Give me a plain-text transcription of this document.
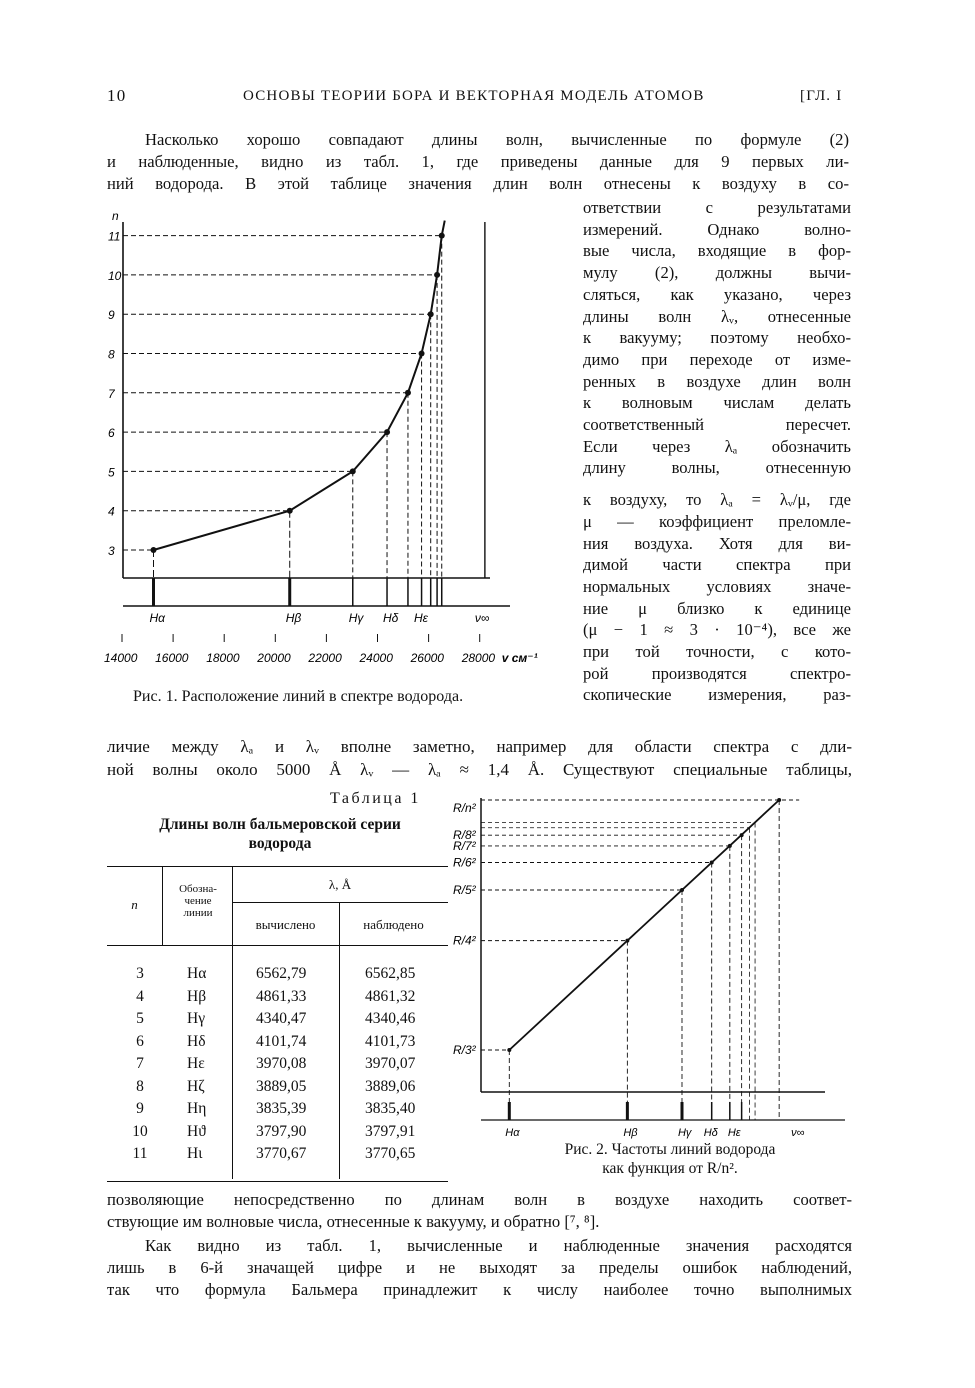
10	ОСНОВЫ ТЕОРИИ БОРА И ВЕКТОРНАЯ МОДЕЛЬ АТОМОВ	[ГЛ. I
Насколько хорошо совпадают длины волн, вычисленные по формуле (2)
и наблюденные, видно из табл. 1, где приведены данные для 9 первых ли-
ний водорода. В этой таблице значения длин волн отнесены к воздуху в со-
n
3
4
5
6
7
8
9
10
11
Hα	Hβ	Hγ Hδ Hε	ν∞
14000 16000 18000 20000 22000 24000 26000 28000 v см⁻¹
Рис. 1. Расположение линий в спектре водорода.
ответствии с результатами
измерений. Однако волно-
вые числа, входящие в фор-
мулу (2), должны вычи-
сляться, как указано, через
длины волн λᵥ, отнесенные
к вакууму; поэтому необхо-
димо при переходе от изме-
ренных в воздухе длин волн
к волновым числам делать
соответственный пересчет.
Если через λₐ обозначить
длину волны, отнесенную
к воздуху, то λₐ = λᵥ/μ, где
μ — коэффициент преломле-
ния воздуха. Хотя для ви-
димой части спектра при
нормальных условиях значе-
ние μ близко к единице
(μ − 1 ≈ 3 · 10⁻⁴), все же
при той точности, с кото-
рой производятся спектро-
скопические измерения, раз-
личие между λₐ и λᵥ вполне заметно, например для области спектра с дли-
ной волны около 5000 Å λᵥ — λₐ ≈ 1,4 Å. Существуют специальные таблицы,
Таблица 1
Длины волн бальмеровской серии
водорода
n
Обозна-
чение
линии
λ, Å
вычислено	наблюдено
3	Hα	6562,79	6562,85
4	Hβ	4861,33	4861,32
5	Hγ	4340,47	4340,46
6	Hδ	4101,74	4101,73
7	Hε	3970,08	3970,07
8	Hζ	3889,05	3889,06
9	Hη	3835,39	3835,40
10	Hϑ	3797,90	3797,91
11	Hι	3770,67	3770,65
R/3²
R/4²
R/5²
R/6²
R/7²
R/8²
R/n²
Hα	Hβ	Hγ Hδ Hε	ν∞
Рис. 2. Частоты линий водорода
как функция от R/n².
позволяющие непосредственно по длинам волн в воздухе находить соответ-
ствующие им волновые числа, отнесенные к вакууму, и обратно [⁷, ⁸].
Как видно из табл. 1, вычисленные и наблюденные значения расходятся
лишь в 6-й значащей цифре и не выходят за пределы ошибок наблюдений,
так что формула Бальмера принадлежит к числу наиболее точно выполнимых
